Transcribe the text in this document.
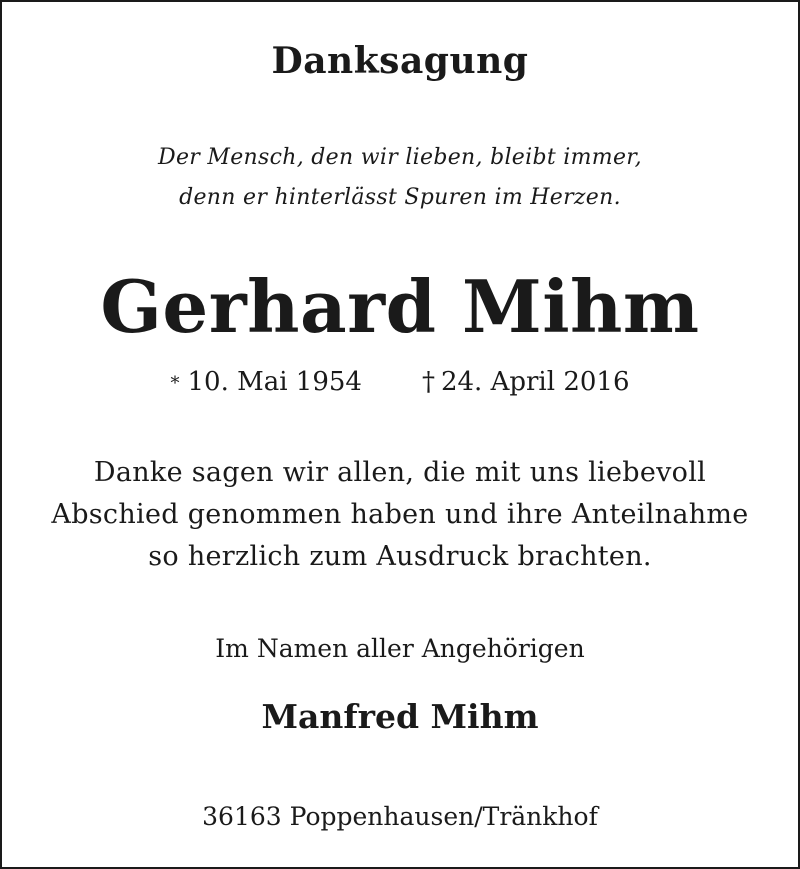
Danksagung
Der Mensch, den wir lieben, bleibt immer,
denn er hinterlässt Spuren im Herzen.
Gerhard Mihm
* 10. Mai 1954 † 24. April 2016
Danke sagen wir allen, die mit uns liebevoll
Abschied genommen haben und ihre Anteilnahme
so herzlich zum Ausdruck brachten.
Im Namen aller Angehörigen
Manfred Mihm
36163 Poppenhausen/Tränkhof
